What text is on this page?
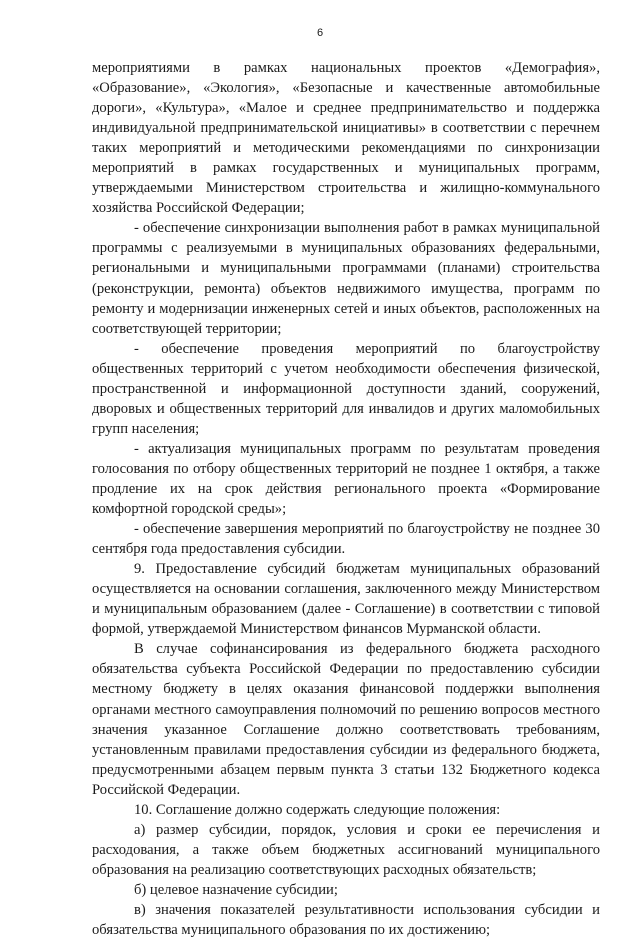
6

мероприятиями в рамках национальных проектов «Демография», «Образование», «Экология», «Безопасные и качественные автомобильные дороги», «Культура», «Малое и среднее предпринимательство и поддержка индивидуальной предпринимательской инициативы» в соответствии с перечнем таких мероприятий и методическими рекомендациями по синхронизации мероприятий в рамках государственных и муниципальных программ, утверждаемыми Министерством строительства и жилищно-коммунального хозяйства Российской Федерации;

- обеспечение синхронизации выполнения работ в рамках муниципальной программы с реализуемыми в муниципальных образованиях федеральными, региональными и муниципальными программами (планами) строительства (реконструкции, ремонта) объектов недвижимого имущества, программ по ремонту и модернизации инженерных сетей и иных объектов, расположенных на соответствующей территории;

- обеспечение проведения мероприятий по благоустройству общественных территорий с учетом необходимости обеспечения физической, пространственной и информационной доступности зданий, сооружений, дворовых и общественных территорий для инвалидов и других маломобильных групп населения;

- актуализация муниципальных программ по результатам проведения голосования по отбору общественных территорий не позднее 1 октября, а также продление их на срок действия регионального проекта «Формирование комфортной городской среды»;

- обеспечение завершения мероприятий по благоустройству не позднее 30 сентября года предоставления субсидии.

9. Предоставление субсидий бюджетам муниципальных образований осуществляется на основании соглашения, заключенного между Министерством и муниципальным образованием (далее - Соглашение) в соответствии с типовой формой, утверждаемой Министерством финансов Мурманской области.

В случае софинансирования из федерального бюджета расходного обязательства субъекта Российской Федерации по предоставлению субсидии местному бюджету в целях оказания финансовой поддержки выполнения органами местного самоуправления полномочий по решению вопросов местного значения указанное Соглашение должно соответствовать требованиям, установленным правилами предоставления субсидии из федерального бюджета, предусмотренными абзацем первым пункта 3 статьи 132 Бюджетного кодекса Российской Федерации.

10. Соглашение должно содержать следующие положения:

а) размер субсидии, порядок, условия и сроки ее перечисления и расходования, а также объем бюджетных ассигнований муниципального образования на реализацию соответствующих расходных обязательств;

б) целевое назначение субсидии;

в) значения показателей результативности использования субсидии и обязательства муниципального образования по их достижению;
